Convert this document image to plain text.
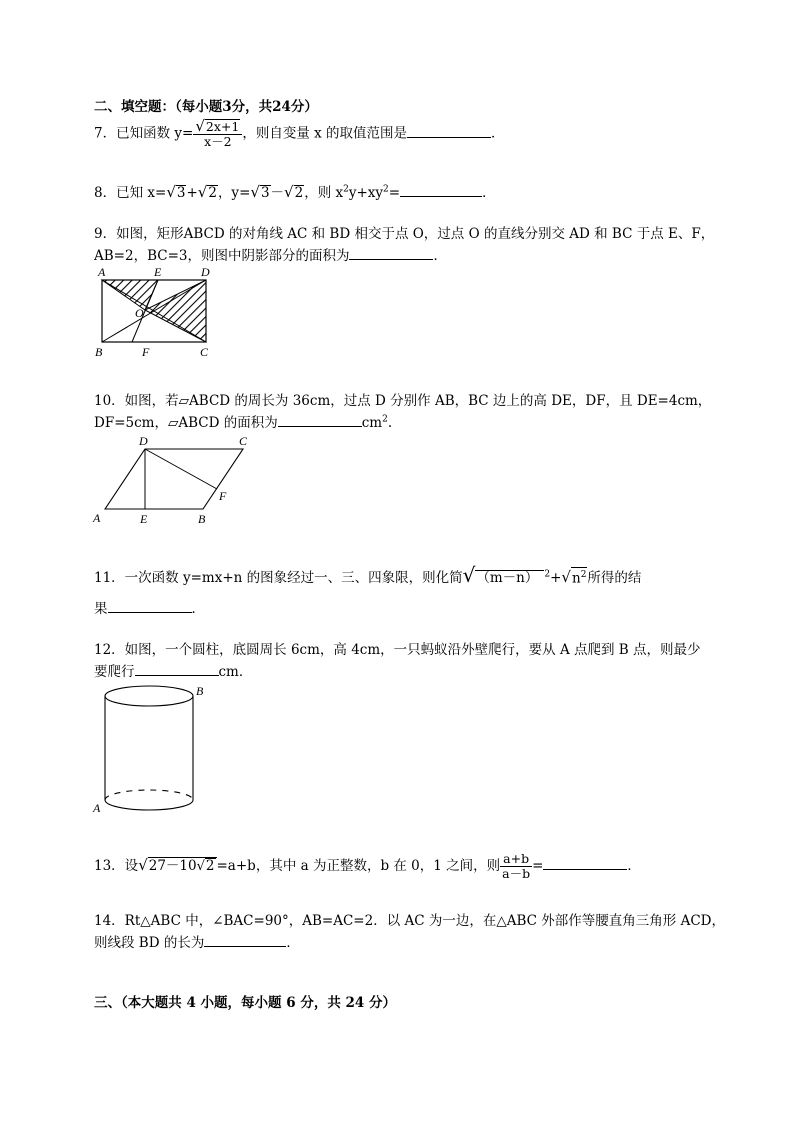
二、填空题：（每小题3分，共24分）
7．已知函数 $y= \frac{√2x+1}{x-2}$ ，则自变量 x 的取值范围是	．
8．已知 x=√3+√2，y=√3－√2，则 $x^2y+xy^2=$	．
9．如图，矩形ABCD 的对角线 AC 和 BD 相交于点 O，过点 O 的直线分别交 AD 和 BC 于点 E、F，
AB=2，BC=3，则图中阴影部分的面积为	．
A	E	D
O
B	F	C
10．如图，若▱ABCD 的周长为 36cm，过点 D 分别作 AB，BC 边上的高 DE，DF，且 DE=4cm，
DF=5cm，▱ABCD 的面积为	$cm^2$.
D	C
F
A	E	B
11．一次函数 y=mx+n 的图象经过一、三、四象限，则化简√（m－n） $^2+√n^2$所得的结
果	．
12．如图，一个圆柱，底圆周长 6cm，高 4cm，一只蚂蚁沿外壁爬行，要从 A 点爬到 B 点，则最少
要爬行	cm．
B
A
13．设√27－10√2 =a+b，其中 a 为正整数，b 在 0，1 之间，则 $\frac{a+b}{a-b}$ =	．
14．Rt△ABC 中，∠BAC=90°，AB=AC=2．以 AC 为一边，在△ABC 外部作等腰直角三角形 ACD，
则线段 BD 的长为	．
三、（本大题共 4 小题，每小题 6 分，共 24 分）
